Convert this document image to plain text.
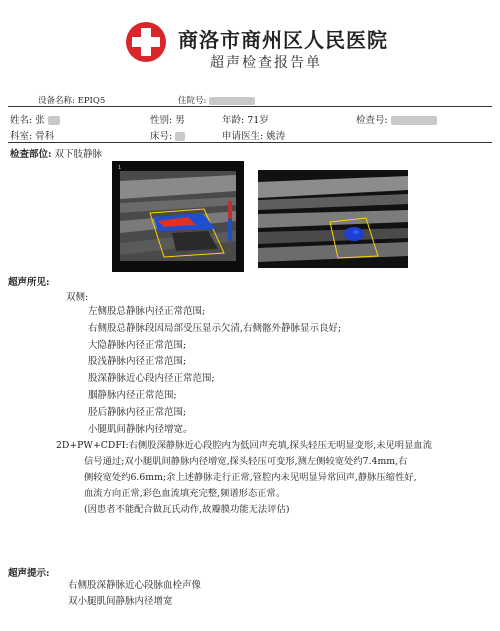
商洛市商州区人民医院
超声检查报告单
设备名称: EPIQ5	住院号:
姓名: 张	性别: 男	年龄: 71岁	检查号:
科室: 骨科	床号:	申请医生: 姚涛
检查部位: 双下肢静脉
1
超声所见:
双侧:
左侧股总静脉内径正常范围;
右侧股总静脉段因局部受压显示欠清,右侧髂外静脉显示良好;
大隐静脉内径正常范围;
股浅静脉内径正常范围;
股深静脉近心段内径正常范围;
腘静脉内径正常范围;
胫后静脉内径正常范围;
小腿肌间静脉内径增宽。
2D+PW+CDFI:右侧股深静脉近心段腔内为低回声充填,探头轻压无明显变形,未见明显血流
信号通过;双小腿肌间静脉内径增宽,探头轻压可变形,测左侧较宽处约7.4mm,右
侧较宽处约6.6mm;余上述静脉走行正常,管腔内未见明显异常回声,静脉压缩性好,
血流方向正常,彩色血流填充完整,频谱形态正常。
(因患者不能配合做瓦氏动作,故瓣膜功能无法评估)
超声提示:
右侧股深静脉近心段脉血栓声像
双小腿肌间静脉内径增宽
